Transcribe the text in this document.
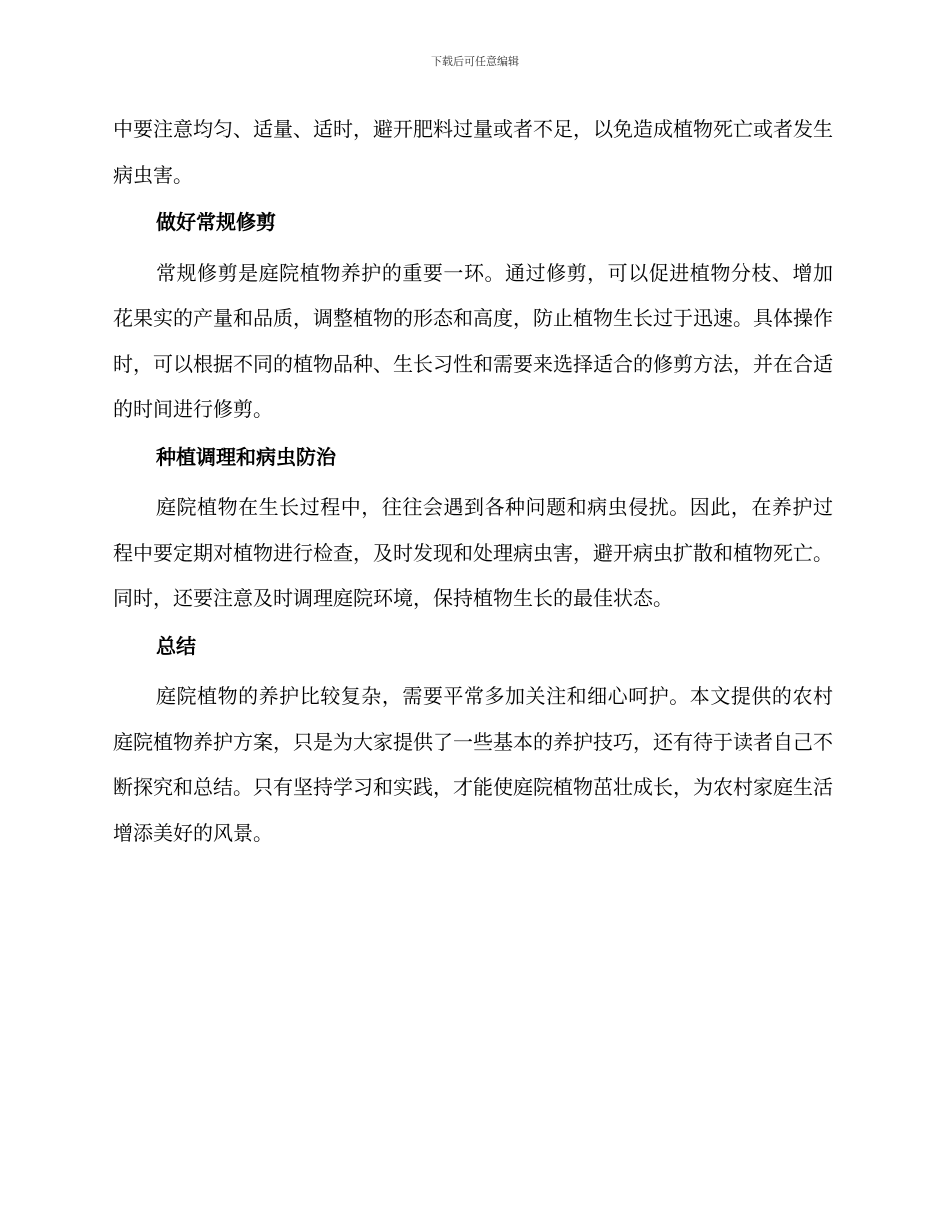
下载后可任意编辑

中要注意均匀、适量、适时，避开肥料过量或者不足，以免造成植物死亡或者发生病虫害。

做好常规修剪

常规修剪是庭院植物养护的重要一环。通过修剪，可以促进植物分枝、增加花果实的产量和品质，调整植物的形态和高度，防止植物生长过于迅速。具体操作时，可以根据不同的植物品种、生长习性和需要来选择适合的修剪方法，并在合适的时间进行修剪。

种植调理和病虫防治

庭院植物在生长过程中，往往会遇到各种问题和病虫侵扰。因此，在养护过程中要定期对植物进行检查，及时发现和处理病虫害，避开病虫扩散和植物死亡。同时，还要注意及时调理庭院环境，保持植物生长的最佳状态。

总结

庭院植物的养护比较复杂，需要平常多加关注和细心呵护。本文提供的农村庭院植物养护方案，只是为大家提供了一些基本的养护技巧，还有待于读者自己不断探究和总结。只有坚持学习和实践，才能使庭院植物茁壮成长，为农村家庭生活增添美好的风景。
